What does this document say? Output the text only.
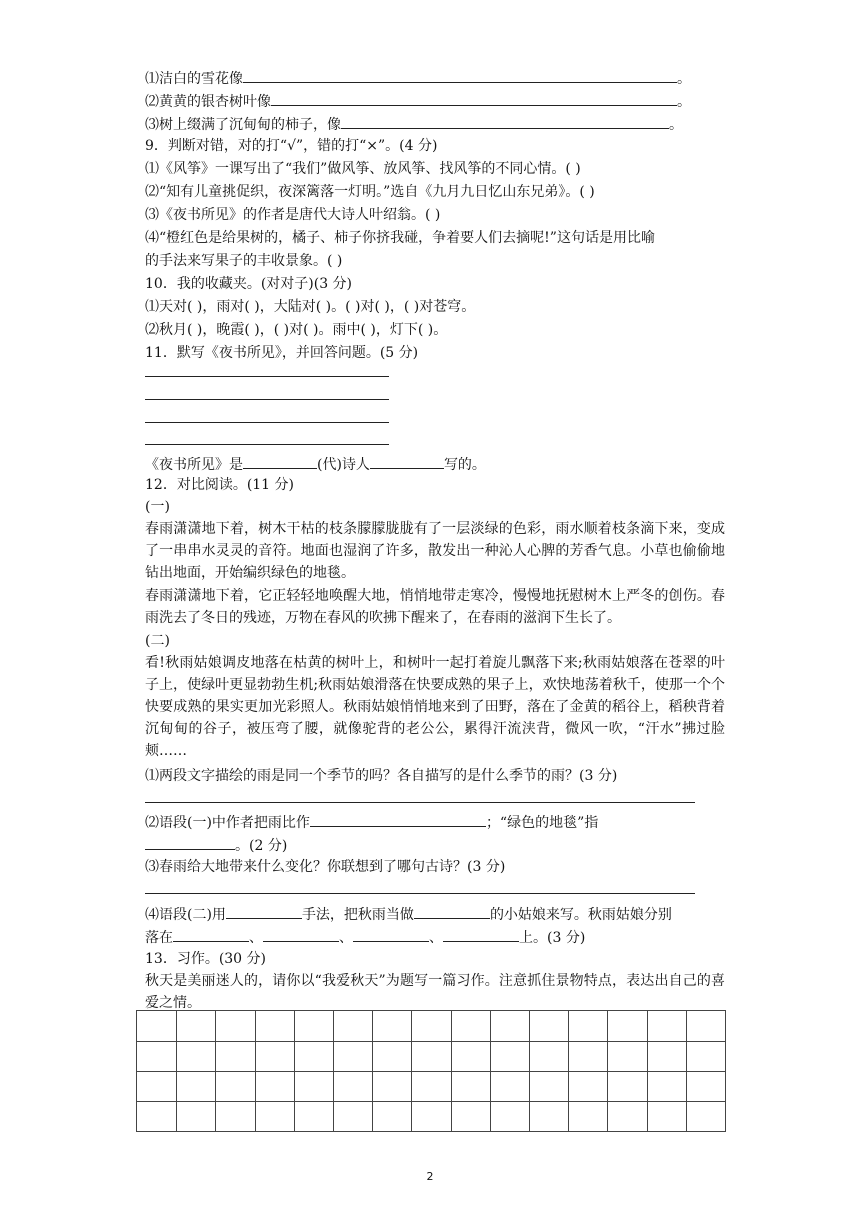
⑴洁白的雪花像	。
⑵黄黄的银杏树叶像	。
⑶树上缀满了沉甸甸的柿子，像	。
9．判断对错，对的打“√”，错的打“×”。(4 分)
⑴《风筝》一课写出了“我们”做风筝、放风筝、找风筝的不同心情。( )
⑵“知有儿童挑促织，夜深篱落一灯明。”选自《九月九日忆山东兄弟》。( )
⑶《夜书所见》的作者是唐代大诗人叶绍翁。( )
⑷“橙红色是给果树的，橘子、柿子你挤我碰，争着要人们去摘呢!”这句话是用比喻
的手法来写果子的丰收景象。( )
10．我的收藏夹。(对对子)(3 分)
⑴天对( )，雨对( )，大陆对( )。( )对( )，( )对苍穹。
⑵秋月( )，晚霞( )，( )对( )。雨中( )，灯下( )。
11．默写《夜书所见》，并回答问题。(5 分)
《夜书所见》是	(代)诗人	写的。
12．对比阅读。(11 分)
(一)
春雨潇潇地下着，树木干枯的枝条朦朦胧胧有了一层淡绿的色彩，雨水顺着枝条滴下来，变成了一串串水灵灵的音符。地面也湿润了许多，散发出一种沁人心脾的芳香气息。小草也偷偷地钻出地面，开始编织绿色的地毯。
春雨潇潇地下着，它正轻轻地唤醒大地，悄悄地带走寒冷，慢慢地抚慰树木上严冬的创伤。春雨洗去了冬日的残迹，万物在春风的吹拂下醒来了，在春雨的滋润下生长了。
(二)
看!秋雨姑娘调皮地落在枯黄的树叶上，和树叶一起打着旋儿飘落下来;秋雨姑娘落在苍翠的叶子上，使绿叶更显勃勃生机;秋雨姑娘滑落在快要成熟的果子上，欢快地荡着秋千，使那一个个快要成熟的果实更加光彩照人。秋雨姑娘悄悄地来到了田野，落在了金黄的稻谷上，稻秧背着沉甸甸的谷子，被压弯了腰，就像驼背的老公公，累得汗流浃背，微风一吹，“汗水”拂过脸颊……
⑴两段文字描绘的雨是同一个季节的吗？各自描写的是什么季节的雨？(3 分)
⑵语段(一)中作者把雨比作	；“绿色的地毯”指
。(2 分)
⑶春雨给大地带来什么变化？你联想到了哪句古诗？(3 分)
⑷语段(二)用	手法，把秋雨当做	的小姑娘来写。秋雨姑娘分别
落在	、	、	、	上。(3 分)
13．习作。(30 分)
秋天是美丽迷人的，请你以“我爱秋天”为题写一篇习作。注意抓住景物特点，表达出自己的喜爱之情。
2
